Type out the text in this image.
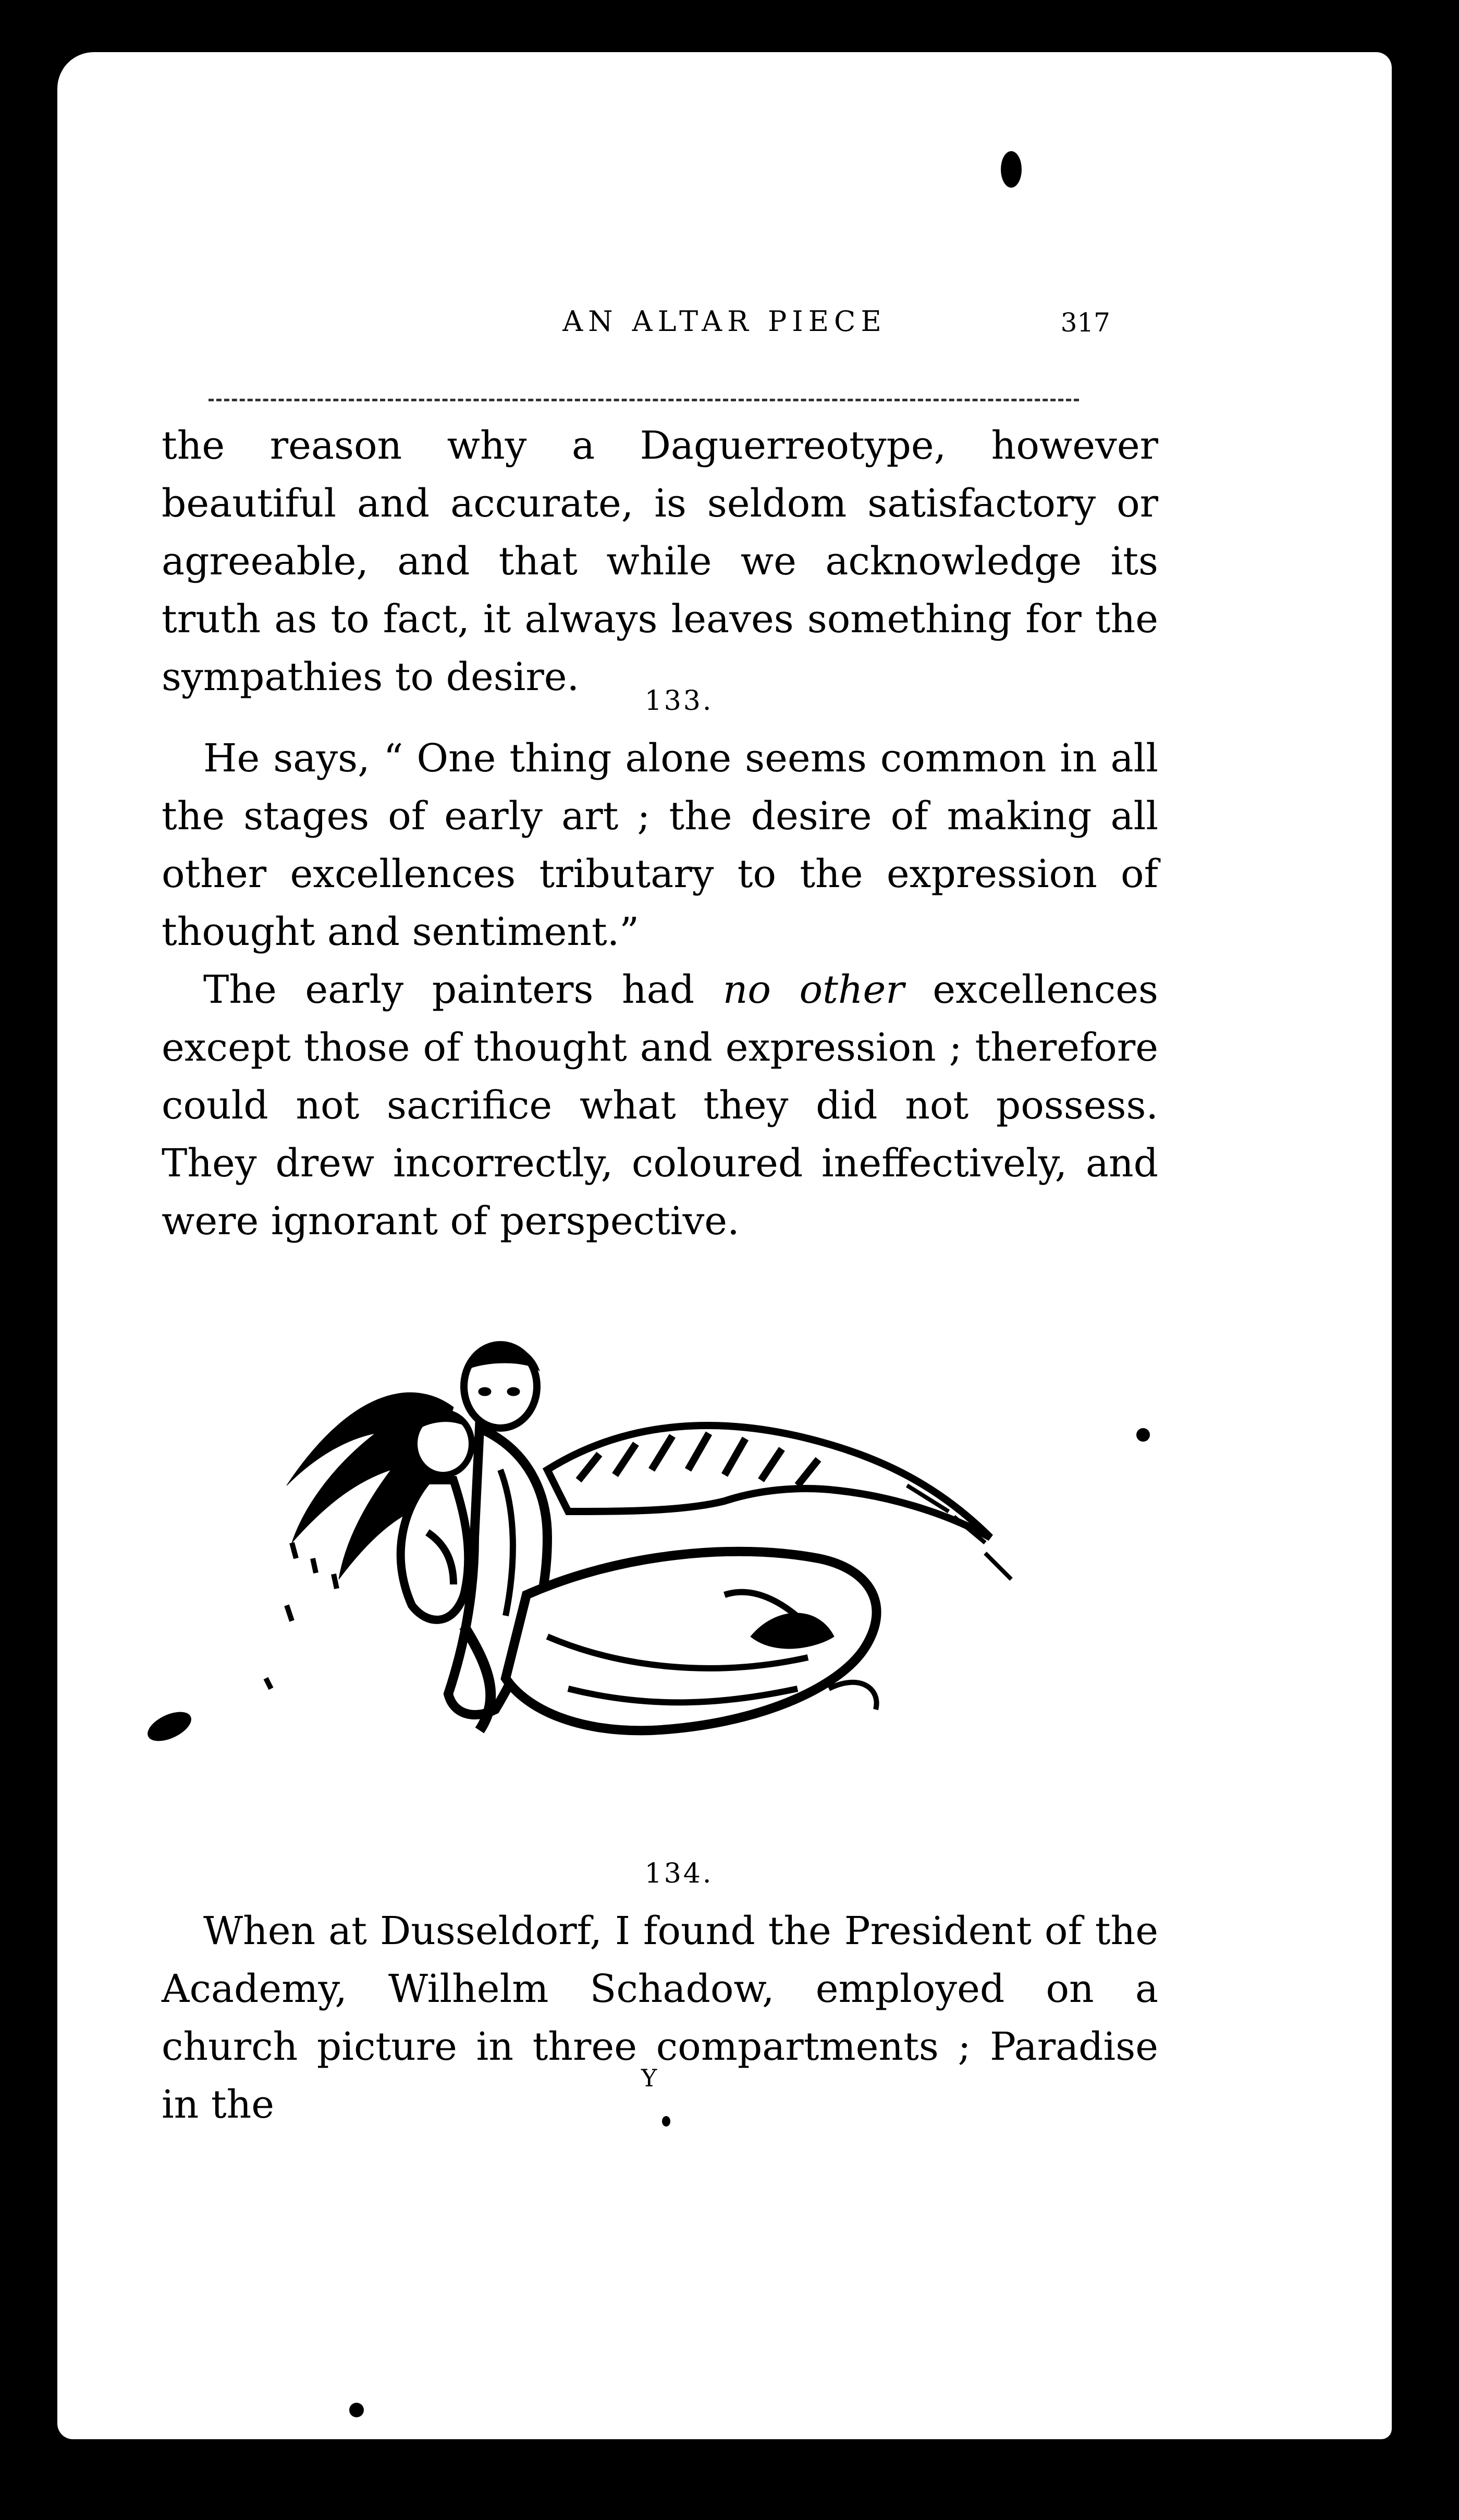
AN ALTAR PIECE	317

the reason why a Daguerreotype, however beautiful and accurate, is seldom satisfactory or agreeable, and that while we acknowledge its truth as to fact, it always leaves something for the sympathies to desire.

133.

He says, “ One thing alone seems common in all the stages of early art ; the desire of making all other excellences tributary to the expression of thought and sentiment.”

The early painters had no other excellences except those of thought and expression ; therefore could not sacrifice what they did not possess. They drew incorrectly, coloured ineffectively, and were ignorant of perspective.

134.

When at Dusseldorf, I found the President of the Academy, Wilhelm Schadow, employed on a church picture in three compartments ; Paradise in the

Y
